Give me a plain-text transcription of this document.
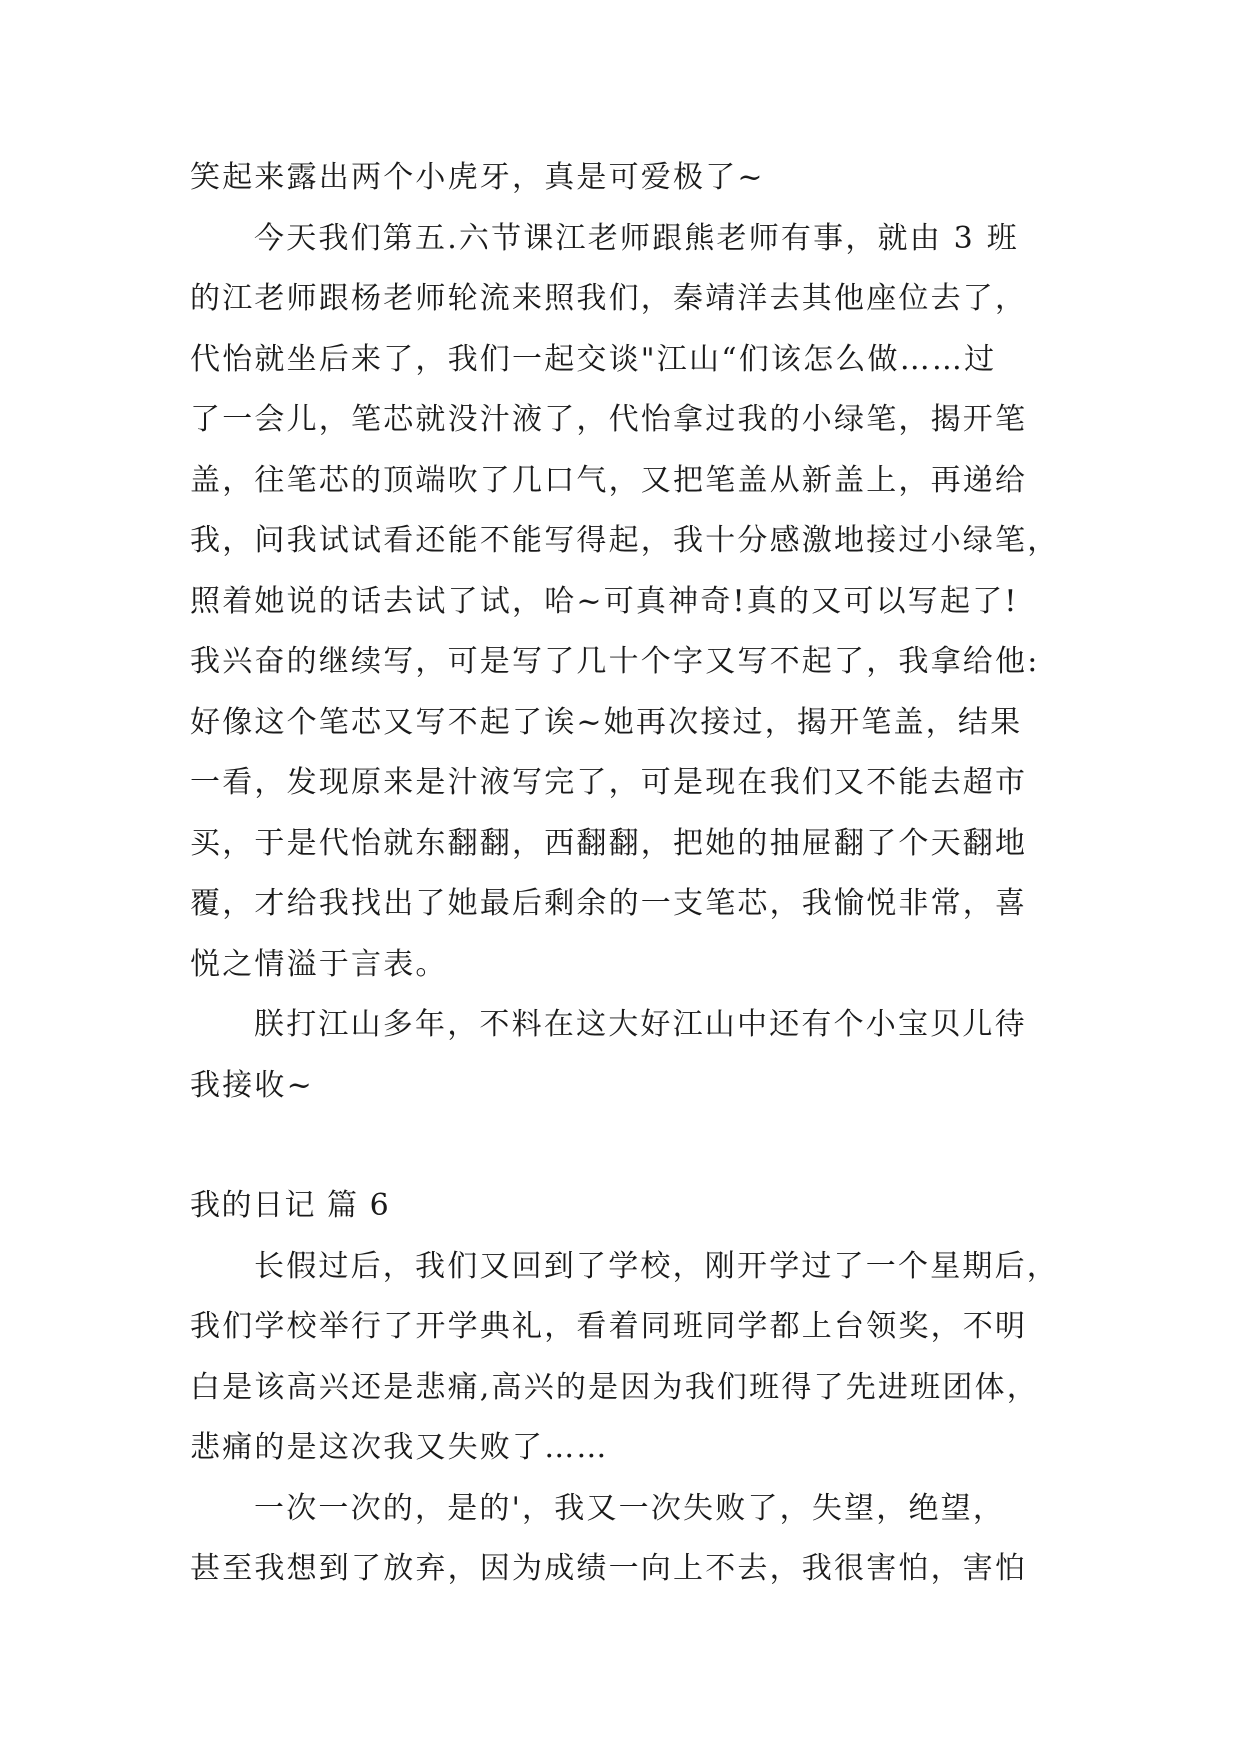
笑起来露出两个小虎牙，真是可爱极了~
今天我们第五.六节课江老师跟熊老师有事，就由 3 班
的江老师跟杨老师轮流来照我们，秦靖洋去其他座位去了，
代怡就坐后来了，我们一起交谈"江山“们该怎么做……过
了一会儿，笔芯就没汁液了，代怡拿过我的小绿笔，揭开笔
盖，往笔芯的顶端吹了几口气，又把笔盖从新盖上，再递给
我，问我试试看还能不能写得起，我十分感激地接过小绿笔，
照着她说的话去试了试，哈~可真神奇!真的又可以写起了!
我兴奋的继续写，可是写了几十个字又写不起了，我拿给他:
好像这个笔芯又写不起了诶~她再次接过，揭开笔盖，结果
一看，发现原来是汁液写完了，可是现在我们又不能去超市
买，于是代怡就东翻翻，西翻翻，把她的抽屉翻了个天翻地
覆，才给我找出了她最后剩余的一支笔芯，我愉悦非常，喜
悦之情溢于言表。
朕打江山多年，不料在这大好江山中还有个小宝贝儿待
我接收~
我的日记 篇 6
长假过后，我们又回到了学校，刚开学过了一个星期后，
我们学校举行了开学典礼，看着同班同学都上台领奖，不明
白是该高兴还是悲痛,高兴的是因为我们班得了先进班团体，
悲痛的是这次我又失败了……
一次一次的，是的'，我又一次失败了，失望，绝望，
甚至我想到了放弃，因为成绩一向上不去，我很害怕，害怕
